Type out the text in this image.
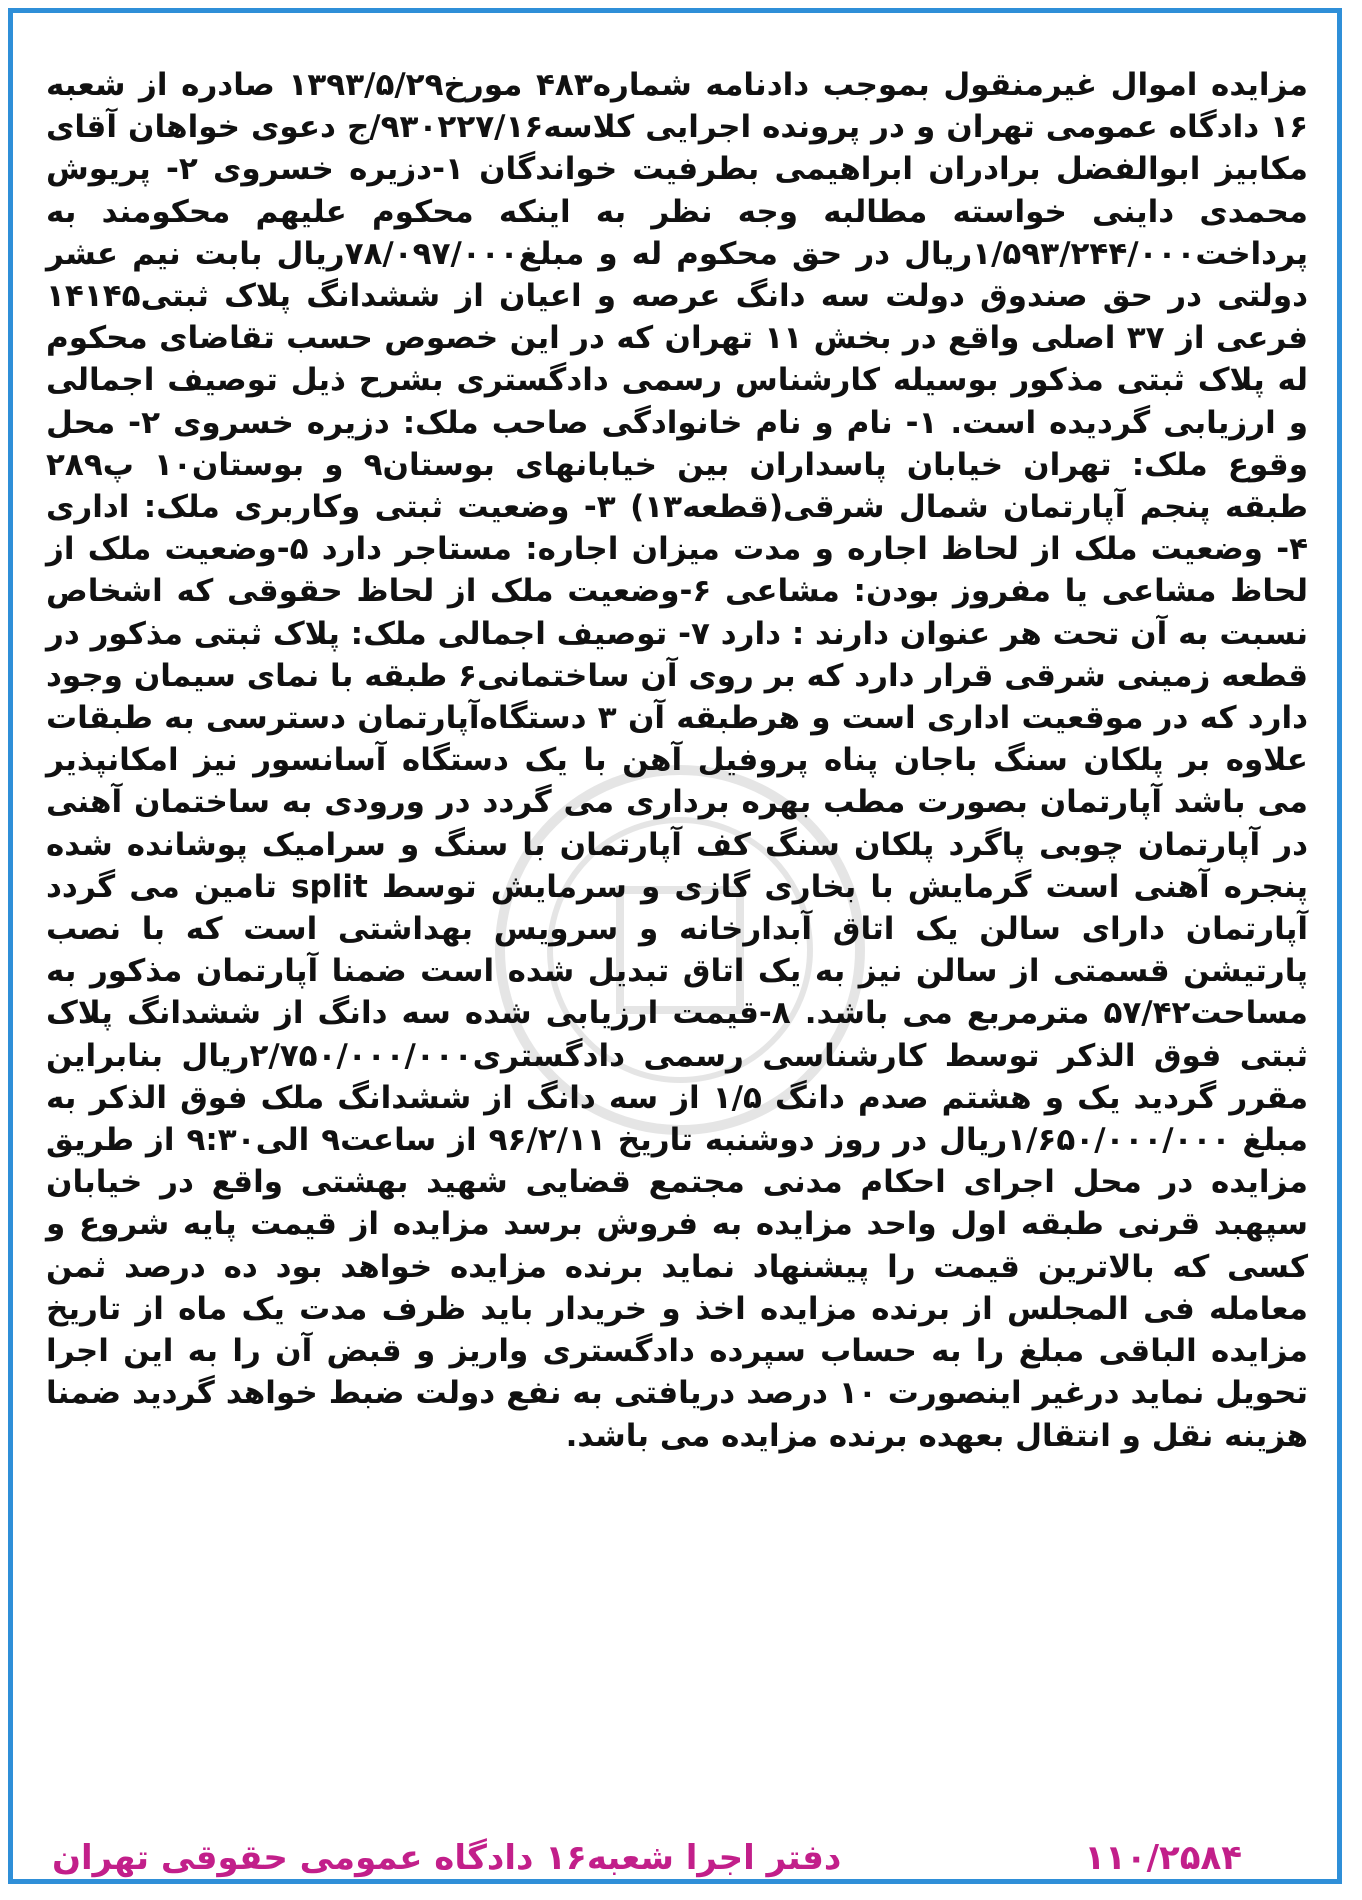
مزایده اموال غیرمنقول بموجب دادنامه شماره۴۸۳ مورخ۱۳۹۳/۵/۲۹ صادره از شعبه ۱۶ دادگاه عمومی تهران و در پرونده اجرایی کلاسه۹۳۰۲۲۷/۱۶/ج دعوی خواهان آقای مکابیز ابوالفضل برادران ابراهیمی بطرفیت خواندگان ۱-دزیره خسروی ۲- پریوش محمدی داینی خواسته مطالبه وجه نظر به اینکه محکوم علیهم محکومند به پرداخت۱/۵۹۳/۲۴۴/۰۰۰ریال در حق محکوم له و مبلغ۷۸/۰۹۷/۰۰۰ریال بابت نیم عشر دولتی در حق صندوق دولت سه دانگ عرصه و اعیان از ششدانگ پلاک ثبتی۱۴۱۴۵ فرعی از ۳۷ اصلی واقع در بخش ۱۱ تهران که در این خصوص حسب تقاضای محکوم له پلاک ثبتی مذکور بوسیله کارشناس رسمی دادگستری بشرح ذیل توصیف اجمالی و ارزیابی گردیده است. ۱- نام و نام خانوادگی صاحب ملک: دزیره خسروی ۲- محل وقوع ملک: تهران خیابان پاسداران بین خیابانهای بوستان۹ و بوستان۱۰ پ۲۸۹ طبقه پنجم آپارتمان شمال شرقی(قطعه۱۳) ۳- وضعیت ثبتی وکاربری ملک: اداری ۴- وضعیت ملک از لحاظ اجاره و مدت میزان اجاره: مستاجر دارد ۵-وضعیت ملک از لحاظ مشاعی یا مفروز بودن: مشاعی ۶-وضعیت ملک از لحاظ حقوقی که اشخاص نسبت به آن تحت هر عنوان دارند : دارد ۷- توصیف اجمالی ملک: پلاک ثبتی مذکور در قطعه زمینی شرقی قرار دارد که بر روی آن ساختمانی۶ طبقه با نمای سیمان وجود دارد که در موقعیت اداری است و هرطبقه آن ۳ دستگاه‌آپارتمان دسترسی به طبقات علاوه بر پلکان سنگ باجان پناه پروفیل آهن با یک دستگاه آسانسور نیز امکانپذیر می باشد آپارتمان بصورت مطب بهره برداری می گردد در ورودی به ساختمان آهنی در آپارتمان چوبی پاگرد پلکان سنگ کف آپارتمان با سنگ و سرامیک پوشانده شده پنجره آهنی است گرمایش با بخاری گازی و سرمایش توسط split تامین می گردد آپارتمان دارای سالن یک اتاق آبدارخانه و سرویس بهداشتی است که با نصب پارتیشن قسمتی از سالن نیز به یک اتاق تبدیل شده است ضمنا آپارتمان مذکور به مساحت۵۷/۴۲ مترمربع می باشد. ۸-قیمت ارزیابی شده سه دانگ از ششدانگ پلاک ثبتی فوق الذکر توسط کارشناسی رسمی دادگستری۲/۷۵۰/۰۰۰/۰۰۰ریال بنابراین مقرر گردید یک و هشتم صدم دانگ ۱/۵ از سه دانگ از ششدانگ ملک فوق الذکر به مبلغ ۱/۶۵۰/۰۰۰/۰۰۰ریال در روز دوشنبه تاریخ ۹۶/۲/۱۱ از ساعت۹ الی۹:۳۰ از طریق مزایده در محل اجرای احکام مدنی مجتمع قضایی شهید بهشتی واقع در خیابان سپهبد قرنی طبقه اول واحد مزایده به فروش برسد مزایده از قیمت پایه شروع و کسی که بالاترین قیمت را پیشنهاد نماید برنده مزایده خواهد بود ده درصد ثمن معامله فی المجلس از برنده مزایده اخذ و خریدار باید ظرف مدت یک ماه از تاریخ مزایده الباقی مبلغ را به حساب سپرده دادگستری واریز و قبض آن را به این اجرا تحویل نماید درغیر اینصورت ۱۰ درصد دریافتی به نفع دولت ضبط خواهد گردید ضمنا هزینه نقل و انتقال بعهده برنده مزایده می باشد.

دفتر اجرا شعبه۱۶ دادگاه عمومی حقوقی تهران	۱۱۰/۲۵۸۴
